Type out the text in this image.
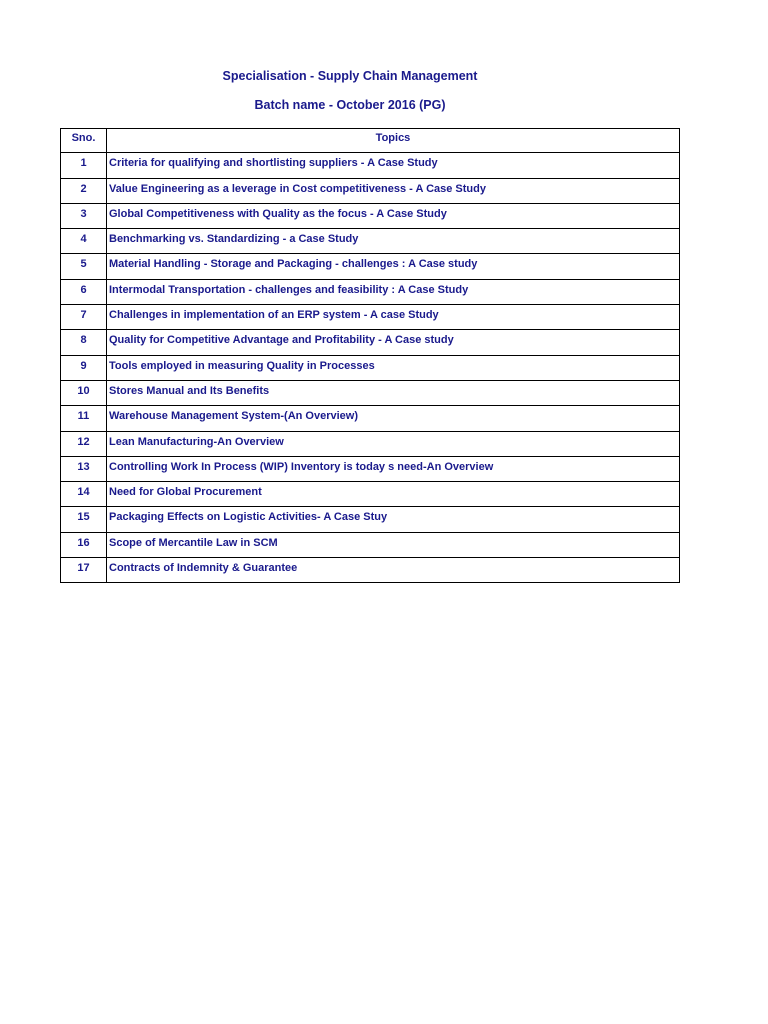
Specialisation - Supply Chain Management
Batch name - October 2016 (PG)
Sno.	Topics
1	Criteria for qualifying and shortlisting suppliers - A Case Study
2	Value Engineering as a leverage in Cost competitiveness - A Case Study
3	Global Competitiveness with Quality as the focus - A Case Study
4	Benchmarking vs. Standardizing - a Case Study
5	Material Handling - Storage and Packaging - challenges : A Case study
6	Intermodal Transportation - challenges and feasibility : A Case Study
7	Challenges in implementation of an ERP system - A case Study
8	Quality for Competitive Advantage and Profitability - A Case study
9	Tools employed in measuring Quality in Processes
10	Stores Manual and Its Benefits
11	Warehouse Management System-(An Overview)
12	Lean Manufacturing-An Overview
13	Controlling Work In Process (WIP) Inventory is today s need-An Overview
14	Need for Global Procurement
15	Packaging Effects on Logistic Activities- A Case Stuy
16	Scope of Mercantile Law in SCM
17	Contracts of Indemnity & Guarantee
